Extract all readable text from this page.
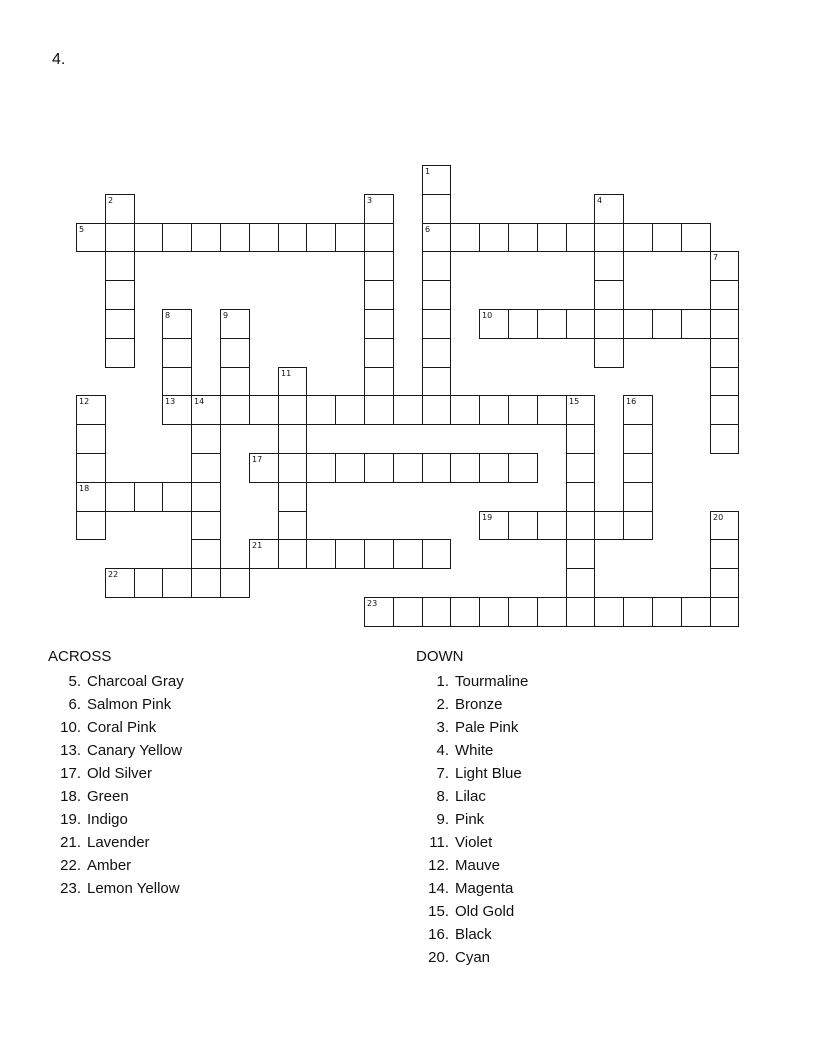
4.
1
6
2	3	4
5
7
8
13
9	10
11
12
18
14	15	16
17
19	20
21
22
23
ACROSS
5. Charcoal Gray
6. Salmon Pink
10. Coral Pink
13. Canary Yellow
17. Old Silver
18. Green
19. Indigo
21. Lavender
22. Amber
23. Lemon Yellow
DOWN
1. Tourmaline
2. Bronze
3. Pale Pink
4. White
7. Light Blue
8. Lilac
9. Pink
11. Violet
12. Mauve
14. Magenta
15. Old Gold
16. Black
20. Cyan
